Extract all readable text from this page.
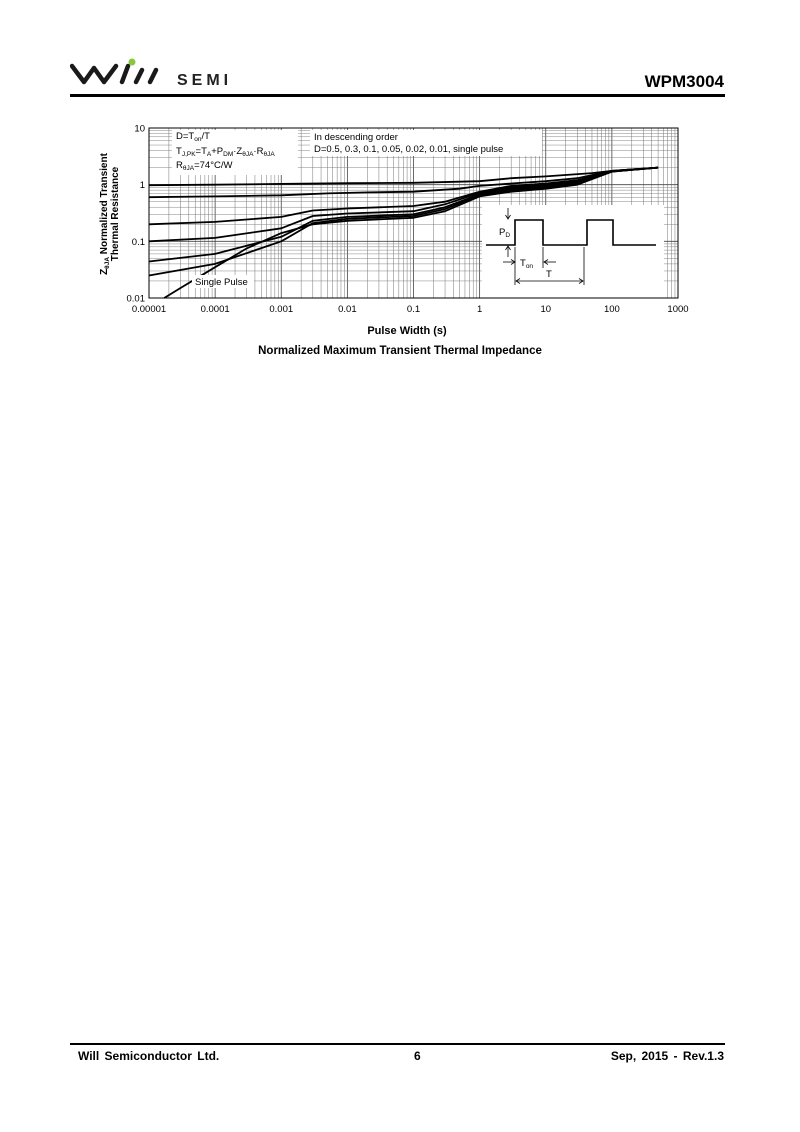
SEMI	WPM3004
0.00001	0.0001	0.001	0.01	0.1	1	10	100	1000
0.01
0.1
1
10
$D=T_{on}/T$
$T_{J,PK}=T_A+P_{DM}\cdot Z_{\theta JA}\cdot R_{\theta JA}$
$R_{\theta JA}=74^\circ C/W$
In descending order
D=0.5, 0.3, 0.1, 0.05, 0.02, 0.01, single pulse
Single Pulse
$P_D$
$T_{on}$
T
Pulse Width (s)
$Z_{\theta JA}$ Normalized Transient Thermal Resistance
Normalized Maximum Transient Thermal Impedance
Will Semiconductor Ltd.	6	Sep, 2015 - Rev.1.3
